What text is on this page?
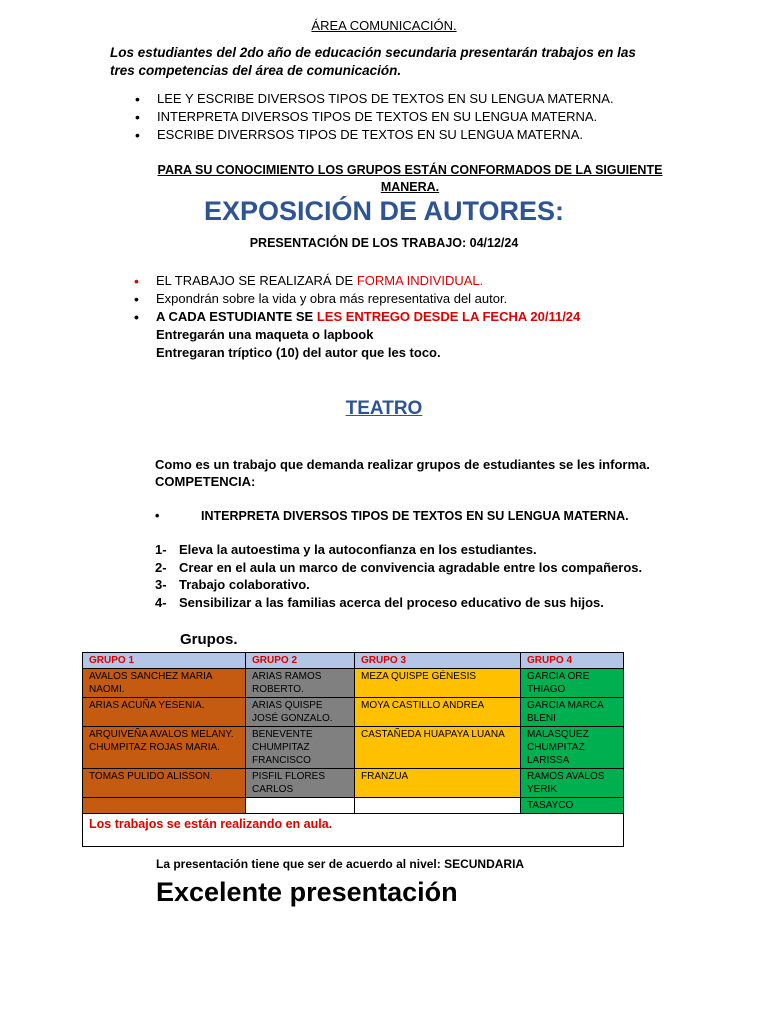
ÁREA COMUNICACIÓN.
Los estudiantes del 2do año de educación secundaria presentarán trabajos en las tres competencias del área de comunicación.
• LEE Y ESCRIBE DIVERSOS TIPOS DE TEXTOS EN SU LENGUA MATERNA.
• INTERPRETA DIVERSOS TIPOS DE TEXTOS EN SU LENGUA MATERNA.
• ESCRIBE DIVERRSOS TIPOS DE TEXTOS EN SU LENGUA MATERNA.
PARA SU CONOCIMIENTO LOS GRUPOS ESTÁN CONFORMADOS DE LA SIGUIENTE MANERA.
EXPOSICIÓN DE AUTORES:
PRESENTACIÓN DE LOS TRABAJO: 04/12/24
• EL TRABAJO SE REALIZARÁ DE FORMA INDIVIDUAL.
• Expondrán sobre la vida y obra más representativa del autor.
• A CADA ESTUDIANTE SE LES ENTREGO DESDE LA FECHA 20/11/24
Entregarán una maqueta o lapbook
Entregaran tríptico (10) del autor que les toco.
TEATRO
Como es un trabajo que demanda realizar grupos de estudiantes se les informa.
COMPETENCIA:
•	INTERPRETA DIVERSOS TIPOS DE TEXTOS EN SU LENGUA MATERNA.
1- Eleva la autoestima y la autoconfianza en los estudiantes.
2- Crear en el aula un marco de convivencia agradable entre los compañeros.
3- Trabajo colaborativo.
4- Sensibilizar a las familias acerca del proceso educativo de sus hijos.
Grupos.
GRUPO 1	GRUPO 2	GRUPO 3	GRUPO 4
AVALOS SANCHEZ MARIA NAOMI.	ARIAS RAMOS ROBERTO.	MEZA QUISPE GÉNESIS	GARCIA ORE THIAGO
ARIAS ACUÑA YESENIA.	ARIAS QUISPE JOSÉ GONZALO.	MOYA CASTILLO ANDREA	GARCIA MARCA BLENI
ARQUIVEÑA AVALOS MELANY. CHUMPITAZ ROJAS MARIA.	BENEVENTE CHUMPITAZ FRANCISCO	CASTAÑEDA HUAPAYA LUANA	MALASQUEZ CHUMPITAZ LARISSA
TOMAS PULIDO ALISSON.	PISFIL FLORES CARLOS	FRANZUA	RAMOS AVALOS YERIK
			TASAYCO
Los trabajos se están realizando en aula.			
La presentación tiene que ser de acuerdo al nivel: SECUNDARIA
Excelente presentación
